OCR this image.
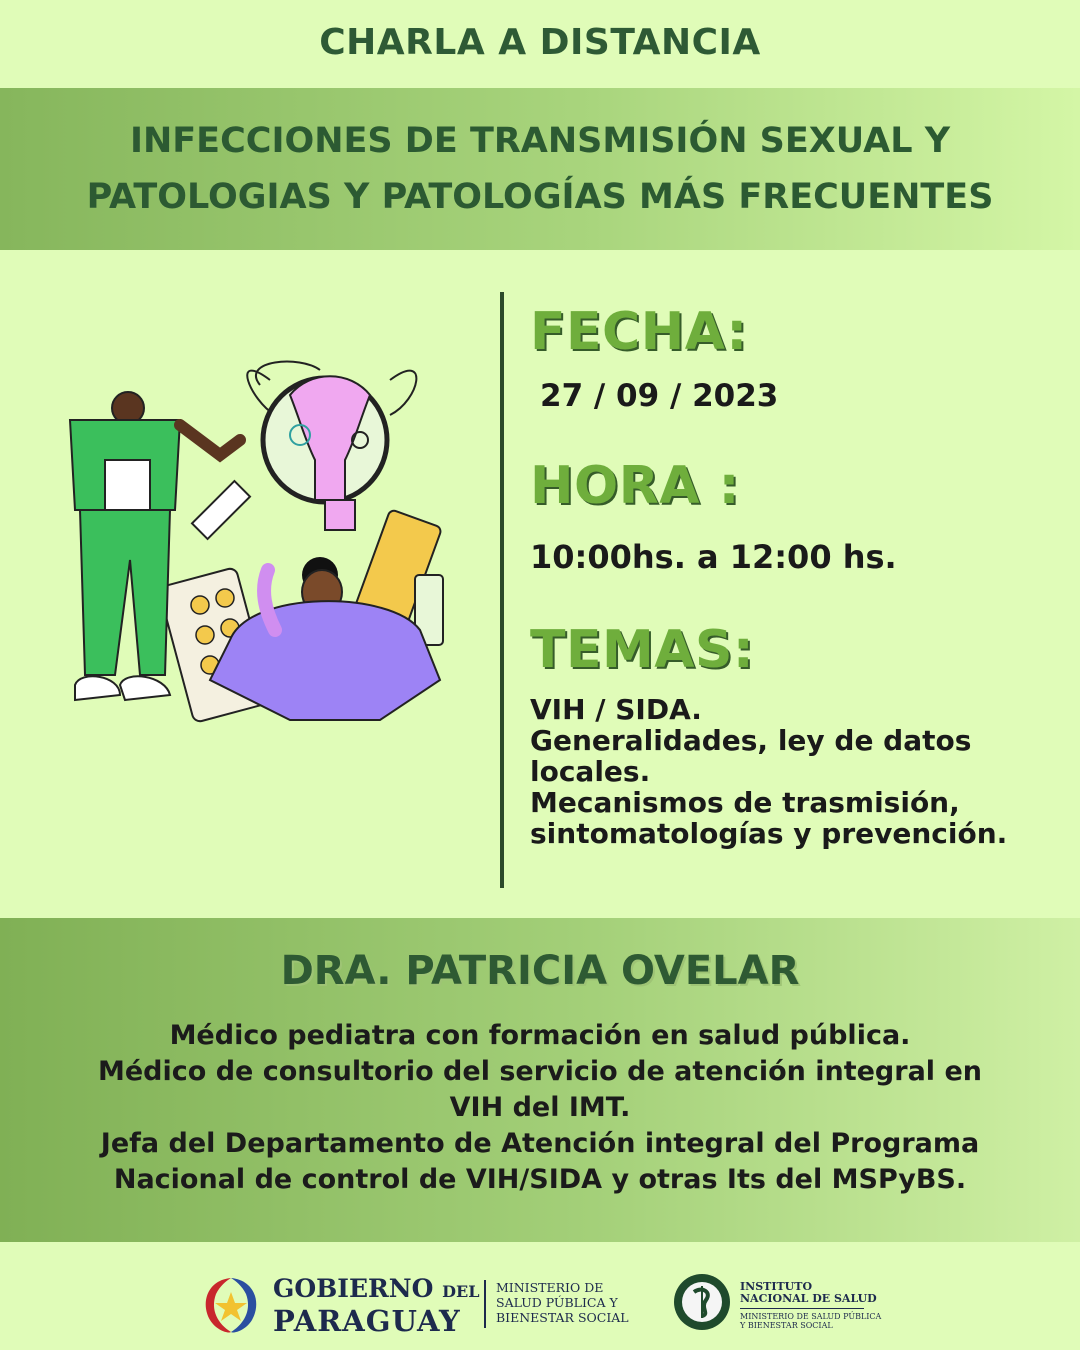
CHARLA A DISTANCIA
INFECCIONES DE TRANSMISIÓN SEXUAL Y
PATOLOGIAS Y PATOLOGÍAS MÁS FRECUENTES
FECHA:
27 / 09 / 2023
HORA :
10:00hs. a 12:00 hs.
TEMAS:
VIH / SIDA.
Generalidades, ley de datos
locales.
Mecanismos de trasmisión,
sintomatologías y prevención.
DRA. PATRICIA OVELAR
Médico pediatra con formación en salud pública.
Médico de consultorio del servicio de atención integral en
VIH del IMT.
Jefa del Departamento de Atención integral del Programa
Nacional de control de VIH/SIDA y otras Its del MSPyBS.
GOBIERNO DEL
PARAGUAY
MINISTERIO DE
SALUD PÚBLICA Y
BIENESTAR SOCIAL
INSTITUTO
NACIONAL DE SALUD
MINISTERIO DE SALUD PÚBLICA
Y BIENESTAR SOCIAL
